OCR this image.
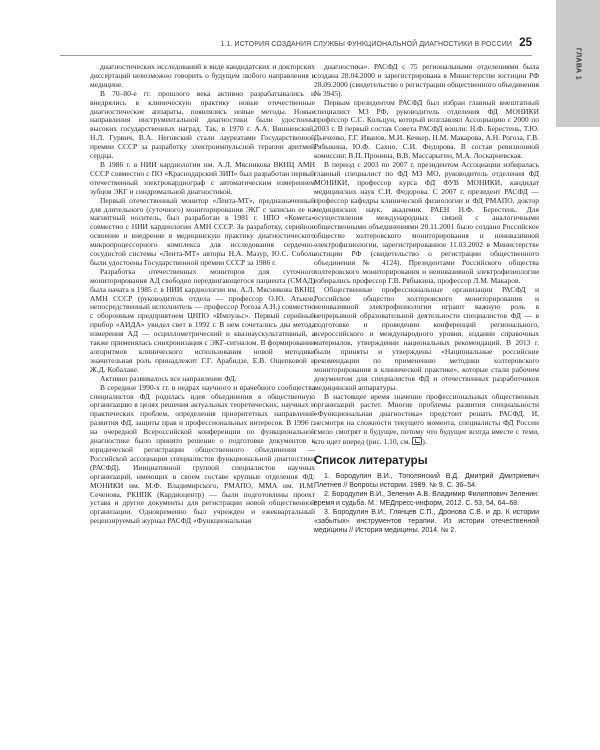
1.1. ИСТОРИЯ СОЗДАНИЯ СЛУЖБЫ ФУНКЦИОНАЛЬНОЙ ДИАГНОСТИКИ В РОССИИ 25
ГЛАВА 1

диагностических исследований в виде кандидатских и докторских диссертаций невозможно говорить о будущем любого направления в медицине.

В 70–80-е гг. прошлого века активно разрабатывались и внедрялись в клиническую практику новые отечественные диагностические аппараты, появлялись новые методы. Новые направления инструментальной диагностики были удостоены высоких государственных наград. Так, в 1970 г. А.А. Вишневский, Н.Л. Гурвич, В.А. Неговский стали лауреатами Государственной премии СССР за разработку электроимпульсной терапии аритмий сердца.

В 1986 г. в НИИ кардиологии им. А.Л. Мясникова ВКНЦ АМН СССР совместно с ПО «Краснодарский ЗИП» был разработан первый отечественный электрокардиограф с автоматическим измерением зубцов ЭКГ и синдромальной диагностикой.

Первый отечественный монитор «Лента-МТ», предназначенный для длительного (суточного) мониторирования ЭКГ с записью ее на магнитный носитель, был разработан в 1981 г. НПО «Комета» совместно с НИИ кардиологии АМН СССР. За разработку, серийное освоение и внедрение в медицинскую практику диагностического микропроцессорного комплекса для исследования сердечно-сосудистой системы «Лента-МТ» авторы Н.А. Мазур, Ю.С. Соболь были удостоены Государственной премии СССР за 1986 г.

Разработка отечественных мониторов для суточного мониторирования АД свободно передвигающегося пациента (СМАД) была начата в 1985 г. в НИИ кардиологии им. А.Л. Мясникова ВКНЦ АМН СССР (руководитель отдела — профессор О.Ю. Атьков, непосредственный исполнитель — профессор Рогоза А.Н.) совместно с оборонным предприятием ЦНПО «Импульс». Первый серийный прибор «АИДА» увидел свет в 1992 г. В нем сочетались два метода измерения АД — осциллометрический и квазиаускультативный, а также применялась синхронизация с ЭКГ-сигналом. В формировании алгоритмов клинического использования новой методики значительная роль принадлежит Г.Г. Арабидзе, Е.В. Ощепковой и Ж.Д. Кобалаве.

Активно развивалось все направление ФД.

В середине 1990-х гг. в недрах научного и врачебного сообщества специалистов ФД родилась идея объединения в общественную организацию в целях решения актуальных теоретических, научных и практических проблем, определения приоритетных направлений развития ФД, защиты прав и профессиональных интересов. В 1996 г. на очередной Всероссийской конференции по функциональной диагностике было принято решение о подготовке документов к юридической регистрации общественного объединения — Российской ассоциации специалистов функциональной диагностики (РАСФД). Инициативной группой специалистов научных организаций, имеющих в своем составе крупные отделения ФД: МОНИКИ им. М.Ф. Владимирского, РМАПО, ММА им. И.М. Сеченова, РКНПК (Кардиоцентр) — были подготовлены проект устава и другие документы для регистрации новой общественной организации. Одновременно был учрежден и ежеквартальный рецензируемый журнал РАСФД «Функциональная

диагностика». РАСФД с 75 региональными отделениями была создана 28.04.2000 и зарегистрирована в Министерстве юстиции РФ 28.09.2000 (свидетельство о регистрации общественного объединения № 3945).

Первым президентом РАСФД был избран главный внештатный специалист МЗ РФ, руководитель отделения ФД МОНИКИ профессор С.С. Кольцун, который возглавлял Ассоциацию с 2000 по 2003 г. В первый состав Совета РАСФД вошли: Н.Ф. Берестень, Т.Ю. Дьяченко, Г.Г. Иванов, М.И. Кечкер, Н.М. Макарова, А.Н. Рогоза, Г.В. Рябыкина, Ю.Ф. Сахно, С.И. Федорова. В состав ревизионной комиссии: В.П. Пронина, В.В. Массарыгин, М.А. Лоскарневская.

В период с 2003 по 2007 г. президентом Ассоциации избиралась главный специалист по ФД МЗ МО, руководитель отделения ФД МОНИКИ, профессор курса ФД ФУВ МОНИКИ, кандидат медицинских наук С.И. Федорова. С 2007 г. президент РАСФД — профессор кафедры клинической физиологии и ФД РМАПО, доктор медицинских наук, академик РАЕН Н.Ф. Берестень. Для осуществления международных связей с аналогичными общественными объединениями 20.11.2001 было создано Российское общество холтеровского мониторирования и неинвазивной электрофизиологии, зарегистрированное 11.03.2002 в Министерстве юстиции РФ (свидетельство о регистрации общественного объединения № 4124). Президентами Российского общества холтеровского мониторирования и неинвазивной электрофизиологии избирались профессор Г.В. Рябыкина, профессор Л.М. Макаров.

Общественные профессиональные организации РАСФД и Российское общество холтеровского мониторирования и неинвазивной электрофизиологии играют важную роль в непрерывной образовательной деятельности специалистов ФД — в подготовке и проведении конференций регионального, всероссийского и международного уровня, издании справочных материалов, утверждении национальных рекомендаций. В 2013 г. были приняты и утверждены «Национальные российские рекомендации по применению методики холтеровского мониторирования в клинической практике», которые стали рабочим документом для специалистов ФД и отечественных разработчиков медицинской аппаратуры.

В настоящее время значение профессиональных общественных организаций растет. Многие проблемы развития специальности «Функциональная диагностика» предстоит решать РАСФД. И, несмотря на сложности текущего момента, специалисты ФД России смело смотрят в будущее, потому что будущее всегда вместе с теми, кто идет вперед (рис. 1.10, см. ).

Список литературы
1. Бородулин В.И., Тополянский В.Д. Дмитрий Дмитриевич Плетнев // Вопросы истории. 1989. № 9. С. 36–54.
2. Бородулин В.И., Зеленин А.В. Владимир Филиппович Зеленин: время и судьба. М.: МЕДпресс-информ, 2012. С. 53, 54, 64–68.
3. Бородулин В.И., Глянцев С.П., Дронова С.В. и др. К истории «забытых» инструментов терапии. Из истории отечественной медицины // История медицины. 2014. № 2.
